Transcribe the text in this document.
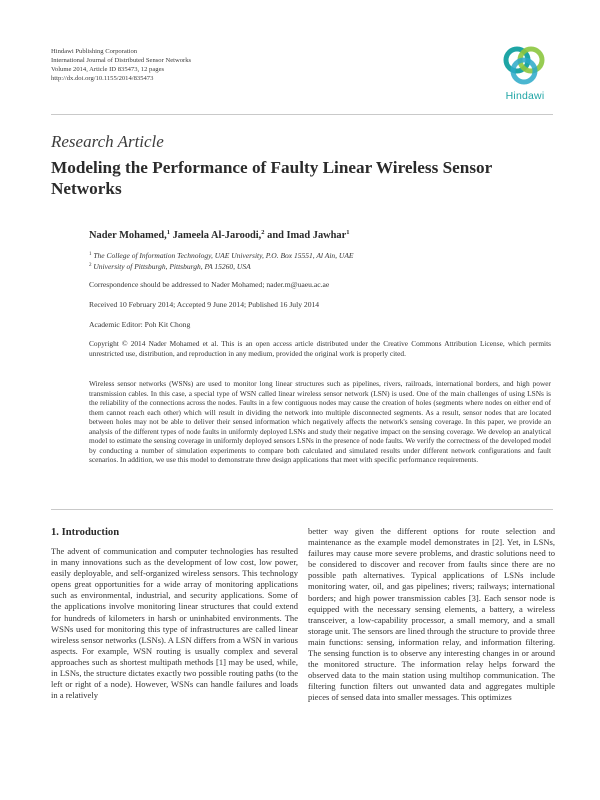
Hindawi Publishing Corporation
International Journal of Distributed Sensor Networks
Volume 2014, Article ID 835473, 12 pages
http://dx.doi.org/10.1155/2014/835473
Hindawi
Research Article
Modeling the Performance of Faulty Linear Wireless Sensor Networks
Nader Mohamed,$^1$ Jameela Al-Jaroodi,$^2$ and Imad Jawhar$^1$
$^1$ The College of Information Technology, UAE University, P.O. Box 15551, Al Ain, UAE
$^2$ University of Pittsburgh, Pittsburgh, PA 15260, USA
Correspondence should be addressed to Nader Mohamed; nader.m@uaeu.ac.ae
Received 10 February 2014; Accepted 9 June 2014; Published 16 July 2014
Academic Editor: Poh Kit Chong
Copyright © 2014 Nader Mohamed et al. This is an open access article distributed under the Creative Commons Attribution License, which permits unrestricted use, distribution, and reproduction in any medium, provided the original work is properly cited.
Wireless sensor networks (WSNs) are used to monitor long linear structures such as pipelines, rivers, railroads, international borders, and high power transmission cables. In this case, a special type of WSN called linear wireless sensor network (LSN) is used. One of the main challenges of using LSNs is the reliability of the connections across the nodes. Faults in a few contiguous nodes may cause the creation of holes (segments where nodes on either end of them cannot reach each other) which will result in dividing the network into multiple disconnected segments. As a result, sensor nodes that are located between holes may not be able to deliver their sensed information which negatively affects the network's sensing coverage. In this paper, we provide an analysis of the different types of node faults in uniformly deployed LSNs and study their negative impact on the sensing coverage. We develop an analytical model to estimate the sensing coverage in uniformly deployed sensors LSNs in the presence of node faults. We verify the correctness of the developed model by conducting a number of simulation experiments to compare both calculated and simulated results under different network configurations and fault scenarios. In addition, we use this model to demonstrate three design applications that meet with specific performance requirements.
1. Introduction

The advent of communication and computer technologies has resulted in many innovations such as the development of low cost, low power, easily deployable, and self-organized wireless sensors. This technology opens great opportunities for a wide array of monitoring applications such as environmental, industrial, and security applications. Some of the applications involve monitoring linear structures that could extend for hundreds of kilometers in harsh or uninhabited environments. The WSNs used for monitoring this type of infrastructures are called linear wireless sensor networks (LSNs). A LSN differs from a WSN in various aspects. For example, WSN routing is usually complex and several approaches such as shortest multipath methods [1] may be used, while, in LSNs, the structure dictates exactly two possible routing paths (to the left or right of a node). However, WSNs can handle failures and loads in a relatively

better way given the different options for route selection and maintenance as the example model demonstrates in [2]. Yet, in LSNs, failures may cause more severe problems, and drastic solutions need to be considered to discover and recover from faults since there are no possible path alternatives. Typical applications of LSNs include monitoring water, oil, and gas pipelines; rivers; railways; international borders; and high power transmission cables [3]. Each sensor node is equipped with the necessary sensing elements, a battery, a wireless transceiver, a low-capability processor, a small memory, and a small storage unit. The sensors are lined through the structure to provide three main functions: sensing, information relay, and information filtering. The sensing function is to observe any interesting changes in or around the monitored structure. The information relay helps forward the observed data to the main station using multihop communication. The filtering function filters out unwanted data and aggregates multiple pieces of sensed data into smaller messages. This optimizes
